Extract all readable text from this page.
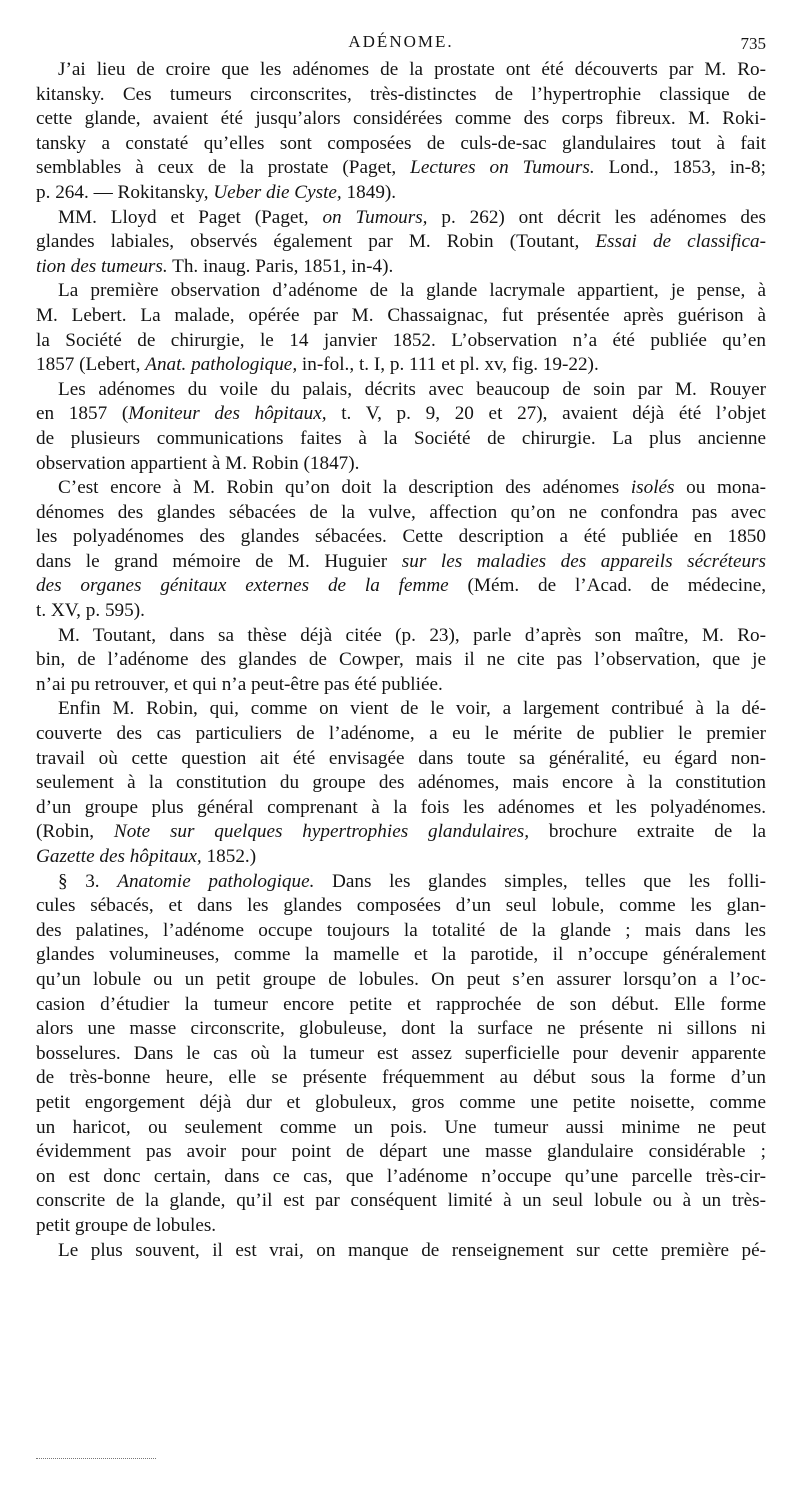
ADÉNOME.	735
J’ai lieu de croire que les adénomes de la prostate ont été découverts par M. Ro-
kitansky. Ces tumeurs circonscrites, très-distinctes de l’hypertrophie classique de
cette glande, avaient été jusqu’alors considérées comme des corps fibreux. M. Roki-
tansky a constaté qu’elles sont composées de culs-de-sac glandulaires tout à fait
semblables à ceux de la prostate (Paget, Lectures on Tumours. Lond., 1853, in-8;
p. 264. — Rokitansky, Ueber die Cyste, 1849).
MM. Lloyd et Paget (Paget, on Tumours, p. 262) ont décrit les adénomes des
glandes labiales, observés également par M. Robin (Toutant, Essai de classifica-
tion des tumeurs. Th. inaug. Paris, 1851, in-4).
La première observation d’adénome de la glande lacrymale appartient, je pense, à
M. Lebert. La malade, opérée par M. Chassaignac, fut présentée après guérison à
la Société de chirurgie, le 14 janvier 1852. L’observation n’a été publiée qu’en
1857 (Lebert, Anat. pathologique, in-fol., t. I, p. 111 et pl. xv, fig. 19-22).
Les adénomes du voile du palais, décrits avec beaucoup de soin par M. Rouyer
en 1857 (Moniteur des hôpitaux, t. V, p. 9, 20 et 27), avaient déjà été l’objet
de plusieurs communications faites à la Société de chirurgie. La plus ancienne
observation appartient à M. Robin (1847).
C’est encore à M. Robin qu’on doit la description des adénomes isolés ou mona-
dénomes des glandes sébacées de la vulve, affection qu’on ne confondra pas avec
les polyadénomes des glandes sébacées. Cette description a été publiée en 1850
dans le grand mémoire de M. Huguier sur les maladies des appareils sécréteurs
des organes génitaux externes de la femme (Mém. de l’Acad. de médecine,
t. XV, p. 595).
M. Toutant, dans sa thèse déjà citée (p. 23), parle d’après son maître, M. Ro-
bin, de l’adénome des glandes de Cowper, mais il ne cite pas l’observation, que je
n’ai pu retrouver, et qui n’a peut-être pas été publiée.
Enfin M. Robin, qui, comme on vient de le voir, a largement contribué à la dé-
couverte des cas particuliers de l’adénome, a eu le mérite de publier le premier
travail où cette question ait été envisagée dans toute sa généralité, eu égard non-
seulement à la constitution du groupe des adénomes, mais encore à la constitution
d’un groupe plus général comprenant à la fois les adénomes et les polyadénomes.
(Robin, Note sur quelques hypertrophies glandulaires, brochure extraite de la
Gazette des hôpitaux, 1852.)
§ 3. Anatomie pathologique. Dans les glandes simples, telles que les folli-
cules sébacés, et dans les glandes composées d’un seul lobule, comme les glan-
des palatines, l’adénome occupe toujours la totalité de la glande ; mais dans les
glandes volumineuses, comme la mamelle et la parotide, il n’occupe généralement
qu’un lobule ou un petit groupe de lobules. On peut s’en assurer lorsqu’on a l’oc-
casion d’étudier la tumeur encore petite et rapprochée de son début. Elle forme
alors une masse circonscrite, globuleuse, dont la surface ne présente ni sillons ni
bosselures. Dans le cas où la tumeur est assez superficielle pour devenir apparente
de très-bonne heure, elle se présente fréquemment au début sous la forme d’un
petit engorgement déjà dur et globuleux, gros comme une petite noisette, comme
un haricot, ou seulement comme un pois. Une tumeur aussi minime ne peut
évidemment pas avoir pour point de départ une masse glandulaire considérable ;
on est donc certain, dans ce cas, que l’adénome n’occupe qu’une parcelle très-cir-
conscrite de la glande, qu’il est par conséquent limité à un seul lobule ou à un très-
petit groupe de lobules.
Le plus souvent, il est vrai, on manque de renseignement sur cette première pé-
